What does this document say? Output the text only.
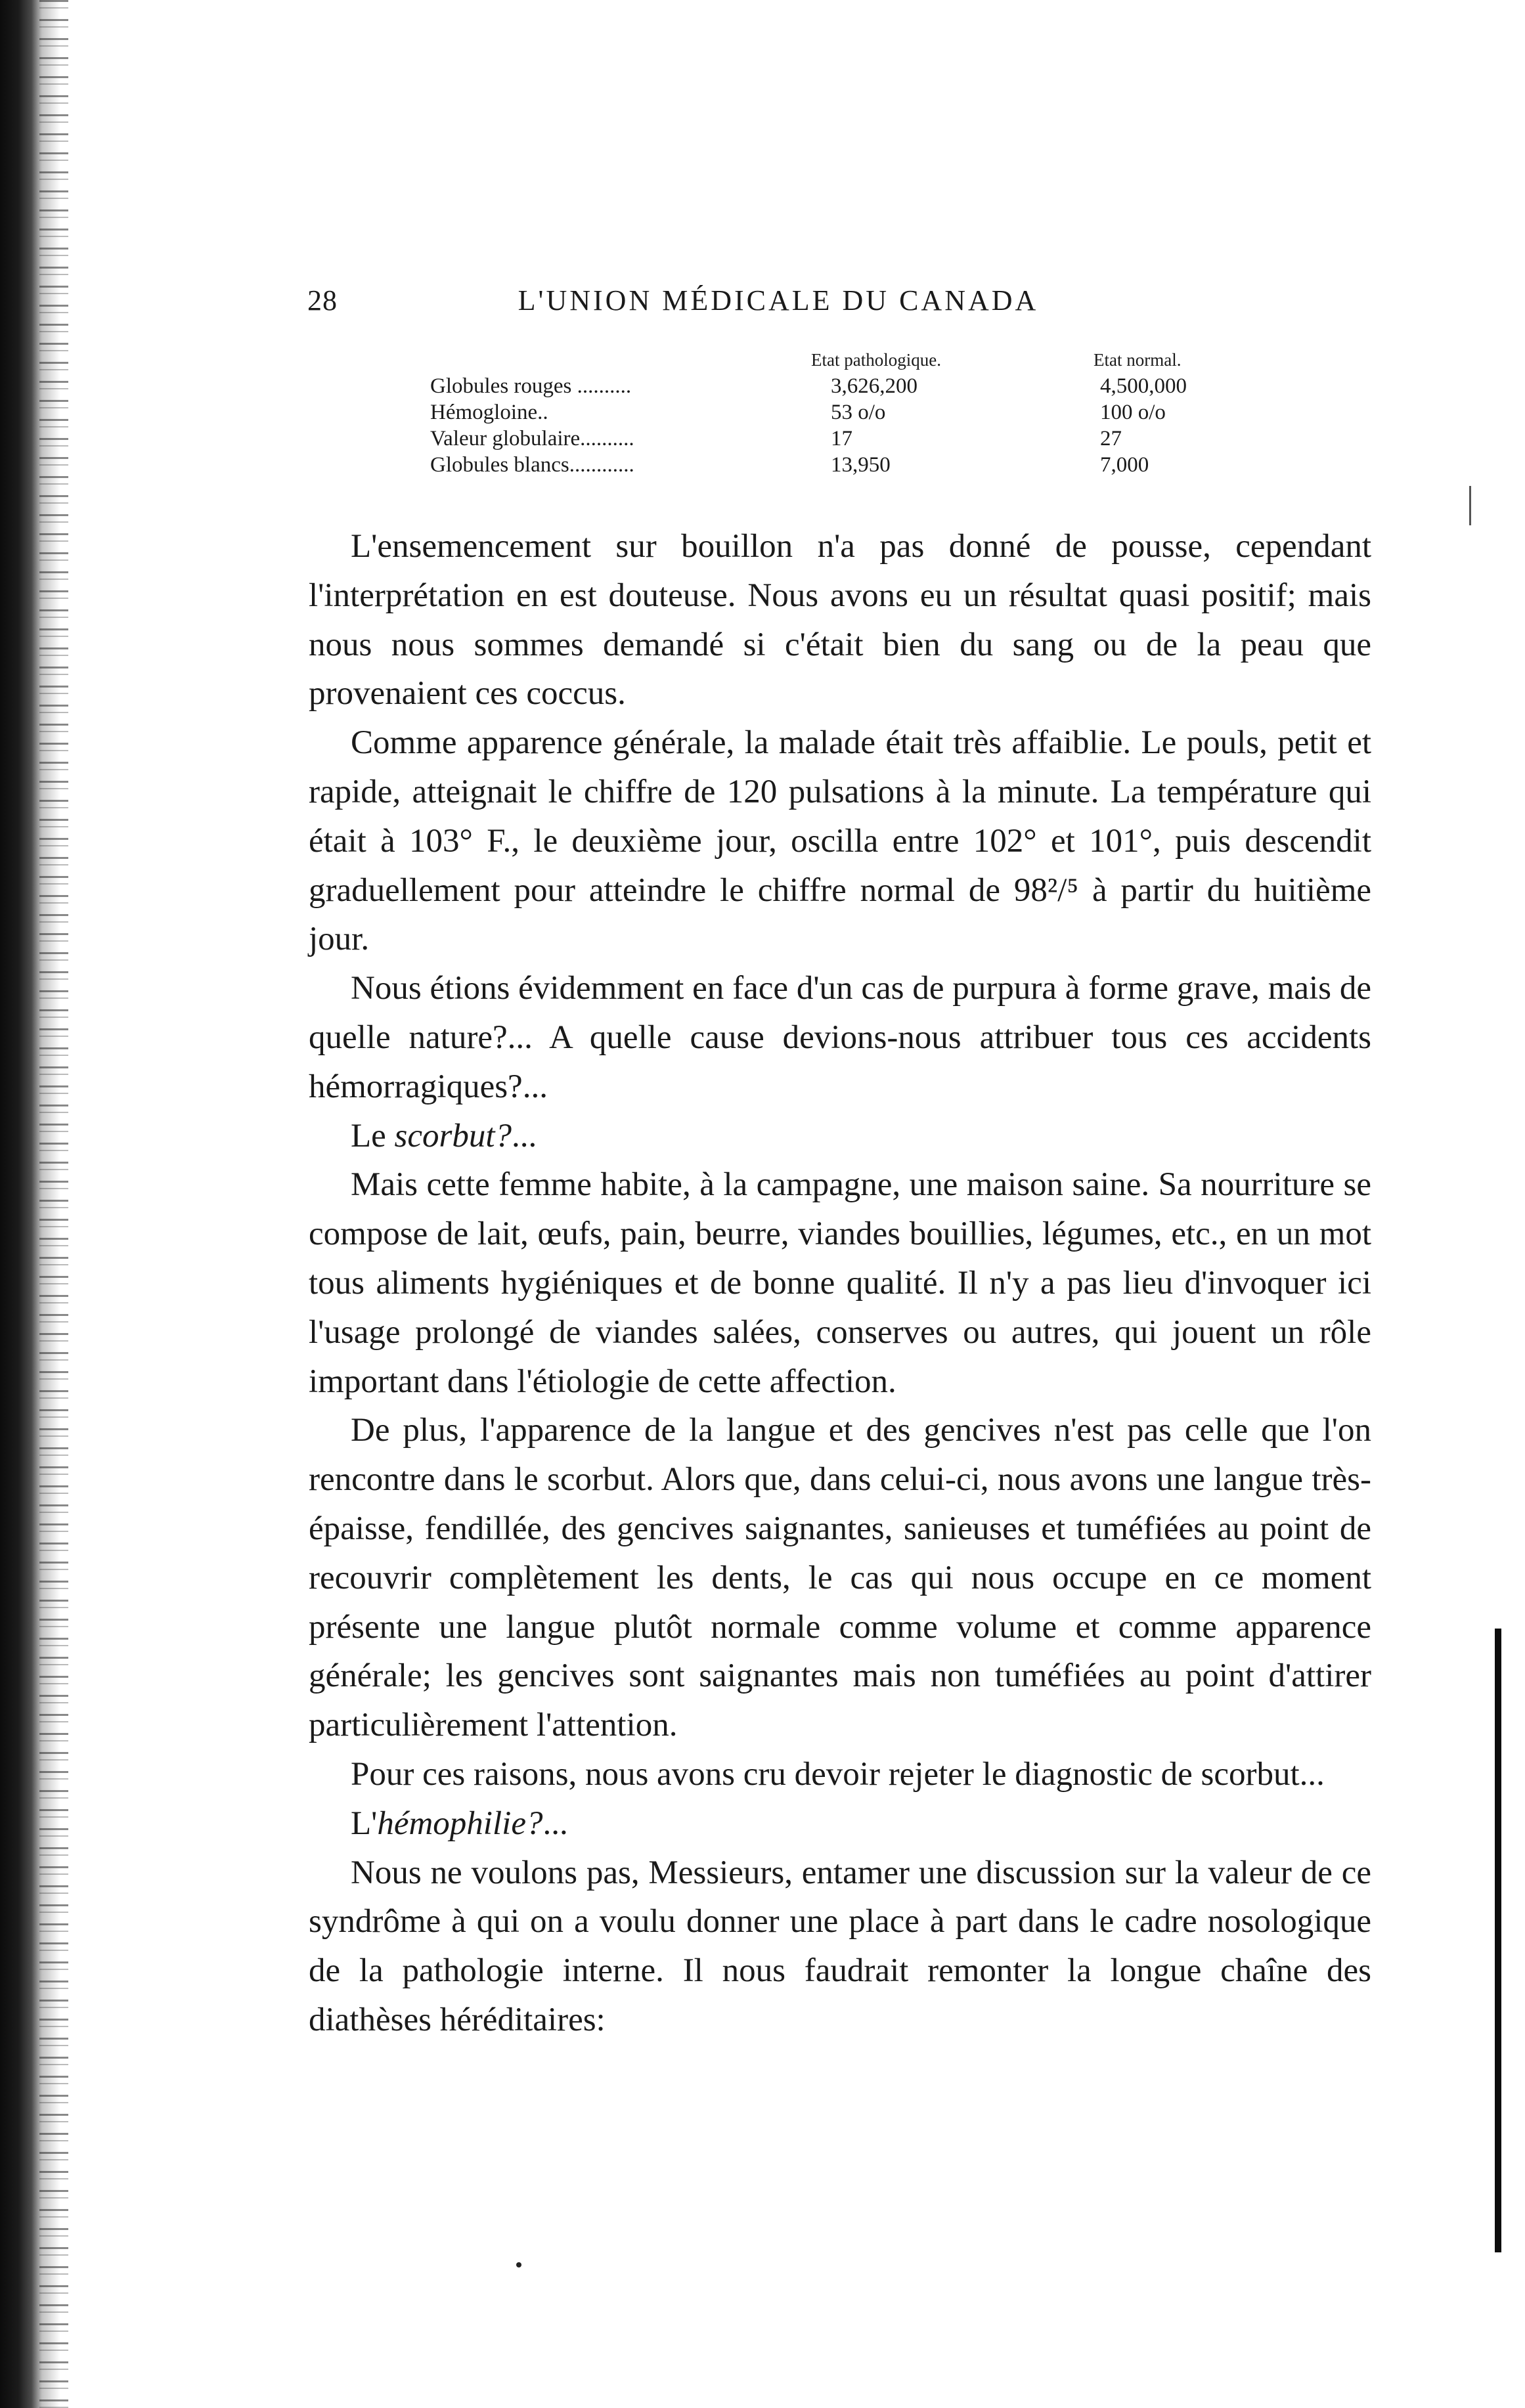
28	L'UNION MÉDICALE DU CANADA
Etat pathologique.	Etat normal.
Globules rouges ..........	3,626,200	4,500,000
Hémogloine..	53 o/o	100 o/o
Valeur globulaire..........	17	27
Globules blancs............	13,950	7,000

L'ensemencement sur bouillon n'a pas donné de pousse, cependant l'interprétation en est douteuse. Nous avons eu un résultat quasi positif; mais nous nous sommes demandé si c'était bien du sang ou de la peau que provenaient ces coccus.

Comme apparence générale, la malade était très affaiblie. Le pouls, petit et rapide, atteignait le chiffre de 120 pulsations à la minute. La température qui était à 103° F., le deuxième jour, oscilla entre 102° et 101°, puis descendit graduellement pour atteindre le chiffre normal de 98²/⁵ à partir du huitième jour.

Nous étions évidemment en face d'un cas de purpura à forme grave, mais de quelle nature?... A quelle cause devions-nous attribuer tous ces accidents hémorragiques?...

Le scorbut?...

Mais cette femme habite, à la campagne, une maison saine. Sa nourriture se compose de lait, œufs, pain, beurre, viandes bouillies, légumes, etc., en un mot tous aliments hygiéniques et de bonne qualité. Il n'y a pas lieu d'invoquer ici l'usage prolongé de viandes salées, conserves ou autres, qui jouent un rôle important dans l'étiologie de cette affection.

De plus, l'apparence de la langue et des gencives n'est pas celle que l'on rencontre dans le scorbut. Alors que, dans celui-ci, nous avons une langue très-épaisse, fendillée, des gencives saignantes, sanieuses et tuméfiées au point de recouvrir complètement les dents, le cas qui nous occupe en ce moment présente une langue plutôt normale comme volume et comme apparence générale; les gencives sont saignantes mais non tuméfiées au point d'attirer particulièrement l'attention.

Pour ces raisons, nous avons cru devoir rejeter le diagnostic de scorbut...

L'hémophilie?...

Nous ne voulons pas, Messieurs, entamer une discussion sur la valeur de ce syndrôme à qui on a voulu donner une place à part dans le cadre nosologique de la pathologie interne. Il nous faudrait remonter la longue chaîne des diathèses héréditaires:
